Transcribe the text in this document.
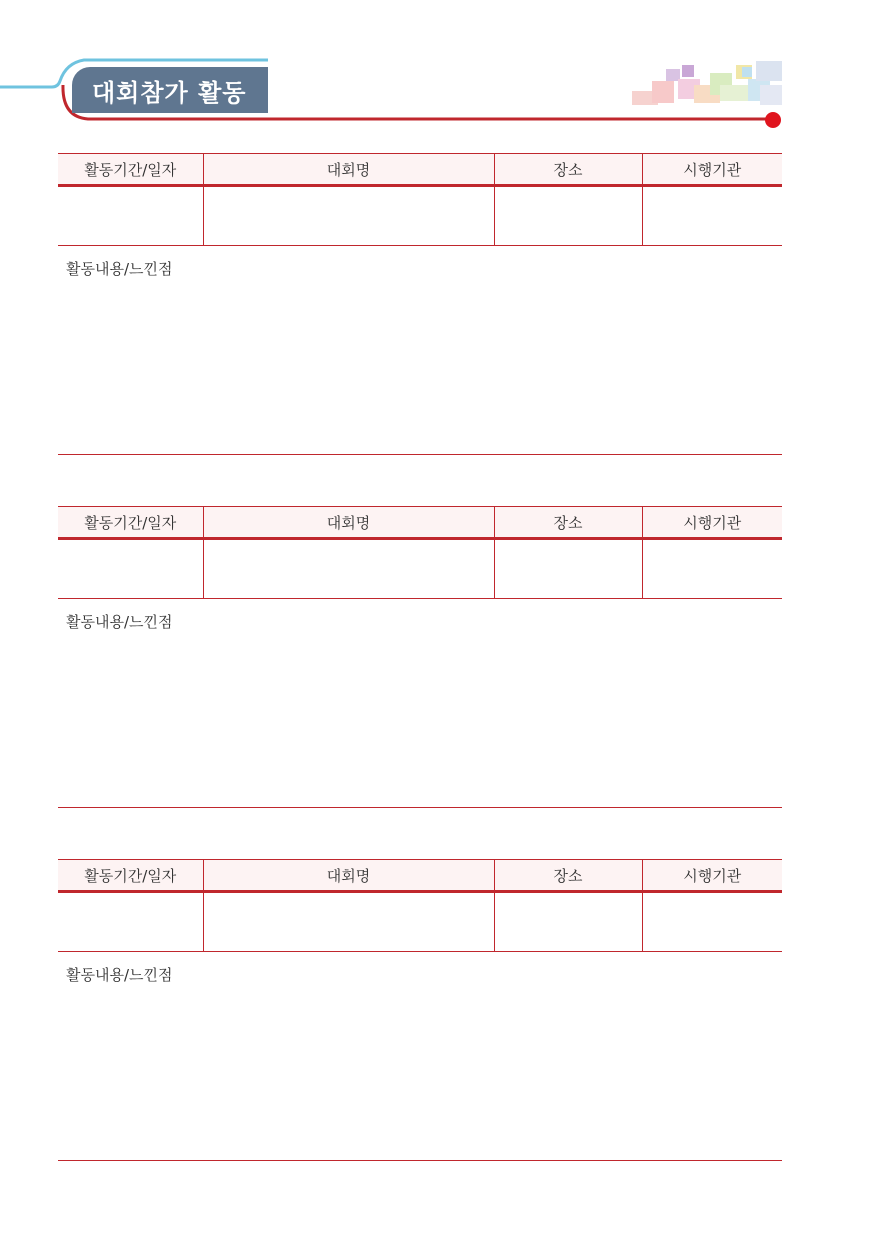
대회참가 활동
활동기간/일자	대회명	장소	시행기관

활동내용/느낀점
활동기간/일자	대회명	장소	시행기관

활동내용/느낀점
활동기간/일자	대회명	장소	시행기관

활동내용/느낀점
